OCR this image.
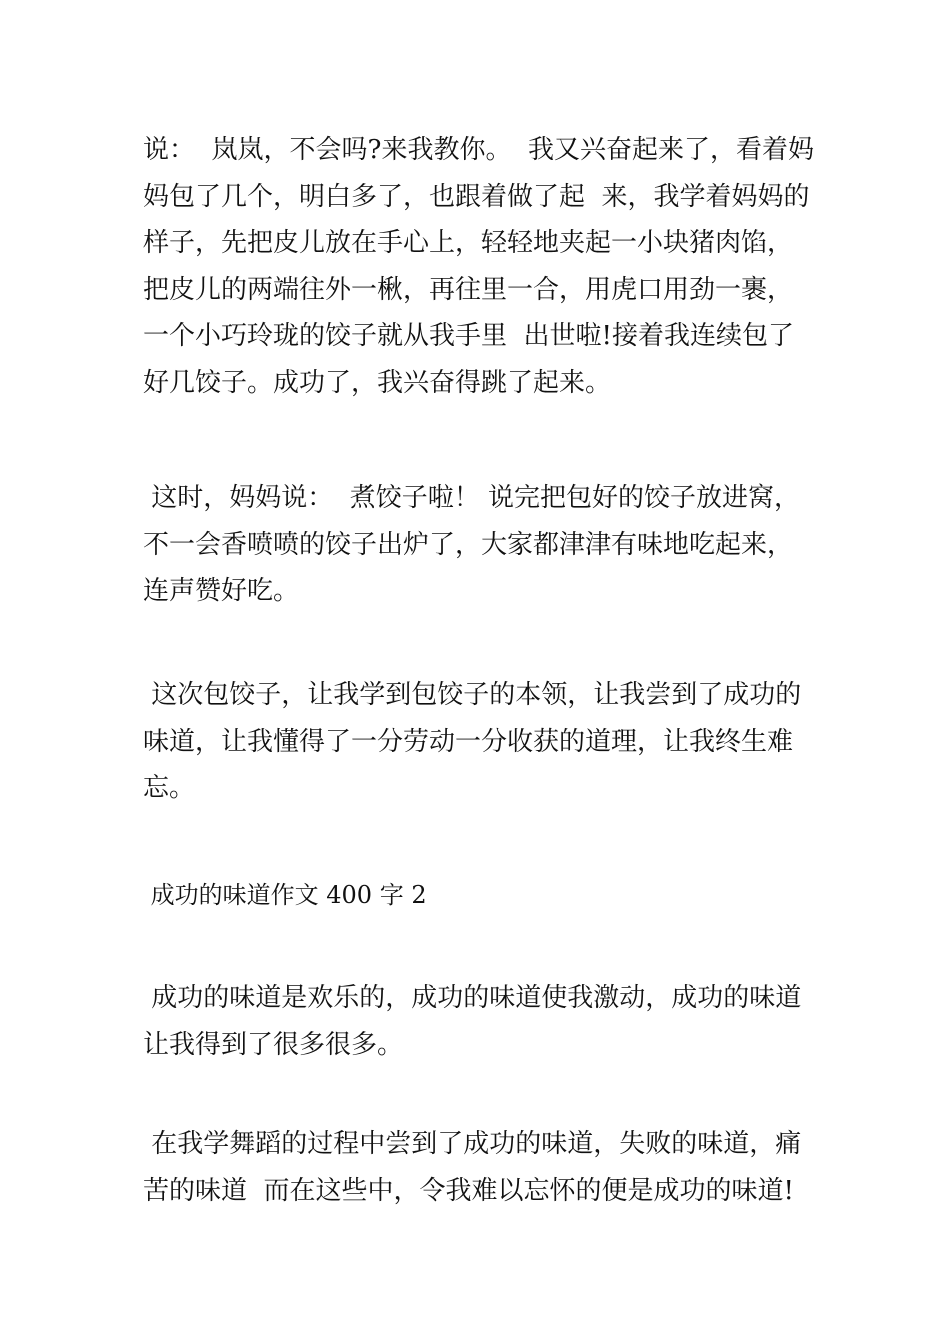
说：  岚岚，不会吗?来我教你。  我又兴奋起来了，看着妈
妈包了几个，明白多了，也跟着做了起  来，我学着妈妈的
样子，先把皮儿放在手心上，轻轻地夹起一小块猪肉馅，
把皮儿的两端往外一楸，再往里一合，用虎口用劲一裹，
一个小巧玲珑的饺子就从我手里  出世啦!接着我连续包了
好几饺子。成功了，我兴奋得跳了起来。
这时，妈妈说：  煮饺子啦！ 说完把包好的饺子放进窝，
不一会香喷喷的饺子出炉了，大家都津津有味地吃起来，
连声赞好吃。
这次包饺子，让我学到包饺子的本领，让我尝到了成功的
味道，让我懂得了一分劳动一分收获的道理，让我终生难
忘。
成功的味道作文 400 字 2
成功的味道是欢乐的，成功的味道使我激动，成功的味道
让我得到了很多很多。
在我学舞蹈的过程中尝到了成功的味道，失败的味道，痛
苦的味道  而在这些中，令我难以忘怀的便是成功的味道!
